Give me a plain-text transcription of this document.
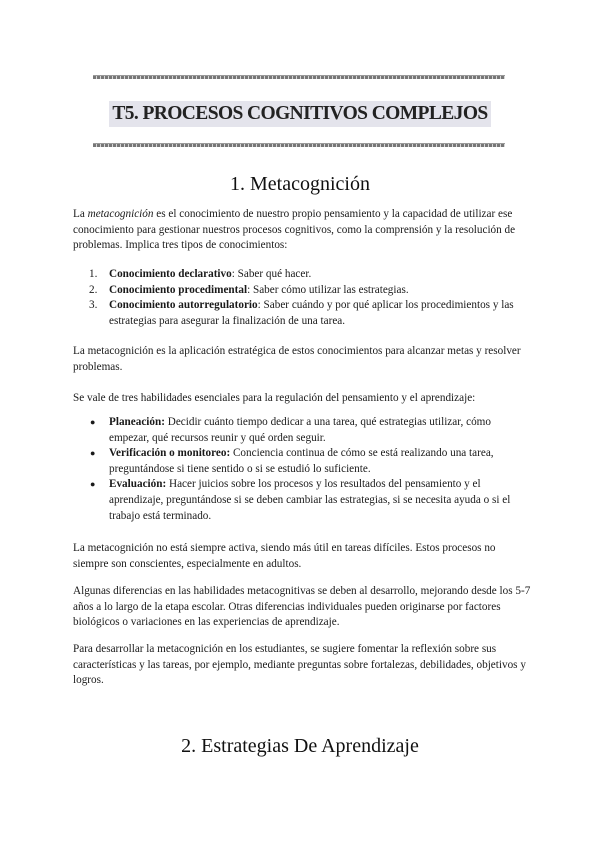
T5. PROCESOS COGNITIVOS COMPLEJOS
1. Metacognición

La metacognición es el conocimiento de nuestro propio pensamiento y la capacidad de utilizar ese conocimiento para gestionar nuestros procesos cognitivos, como la comprensión y la resolución de problemas. Implica tres tipos de conocimientos:

1. Conocimiento declarativo: Saber qué hacer.
2. Conocimiento procedimental: Saber cómo utilizar las estrategias.
3. Conocimiento autorregulatorio: Saber cuándo y por qué aplicar los procedimientos y las estrategias para asegurar la finalización de una tarea.

La metacognición es la aplicación estratégica de estos conocimientos para alcanzar metas y resolver problemas.

Se vale de tres habilidades esenciales para la regulación del pensamiento y el aprendizaje:

● Planeación: Decidir cuánto tiempo dedicar a una tarea, qué estrategias utilizar, cómo empezar, qué recursos reunir y qué orden seguir.
● Verificación o monitoreo: Conciencia continua de cómo se está realizando una tarea, preguntándose si tiene sentido o si se estudió lo suficiente.
● Evaluación: Hacer juicios sobre los procesos y los resultados del pensamiento y el aprendizaje, preguntándose si se deben cambiar las estrategias, si se necesita ayuda o si el trabajo está terminado.

La metacognición no está siempre activa, siendo más útil en tareas difíciles. Estos procesos no siempre son conscientes, especialmente en adultos.

Algunas diferencias en las habilidades metacognitivas se deben al desarrollo, mejorando desde los 5-7 años a lo largo de la etapa escolar. Otras diferencias individuales pueden originarse por factores biológicos o variaciones en las experiencias de aprendizaje.

Para desarrollar la metacognición en los estudiantes, se sugiere fomentar la reflexión sobre sus características y las tareas, por ejemplo, mediante preguntas sobre fortalezas, debilidades, objetivos y logros.

2. Estrategias De Aprendizaje
